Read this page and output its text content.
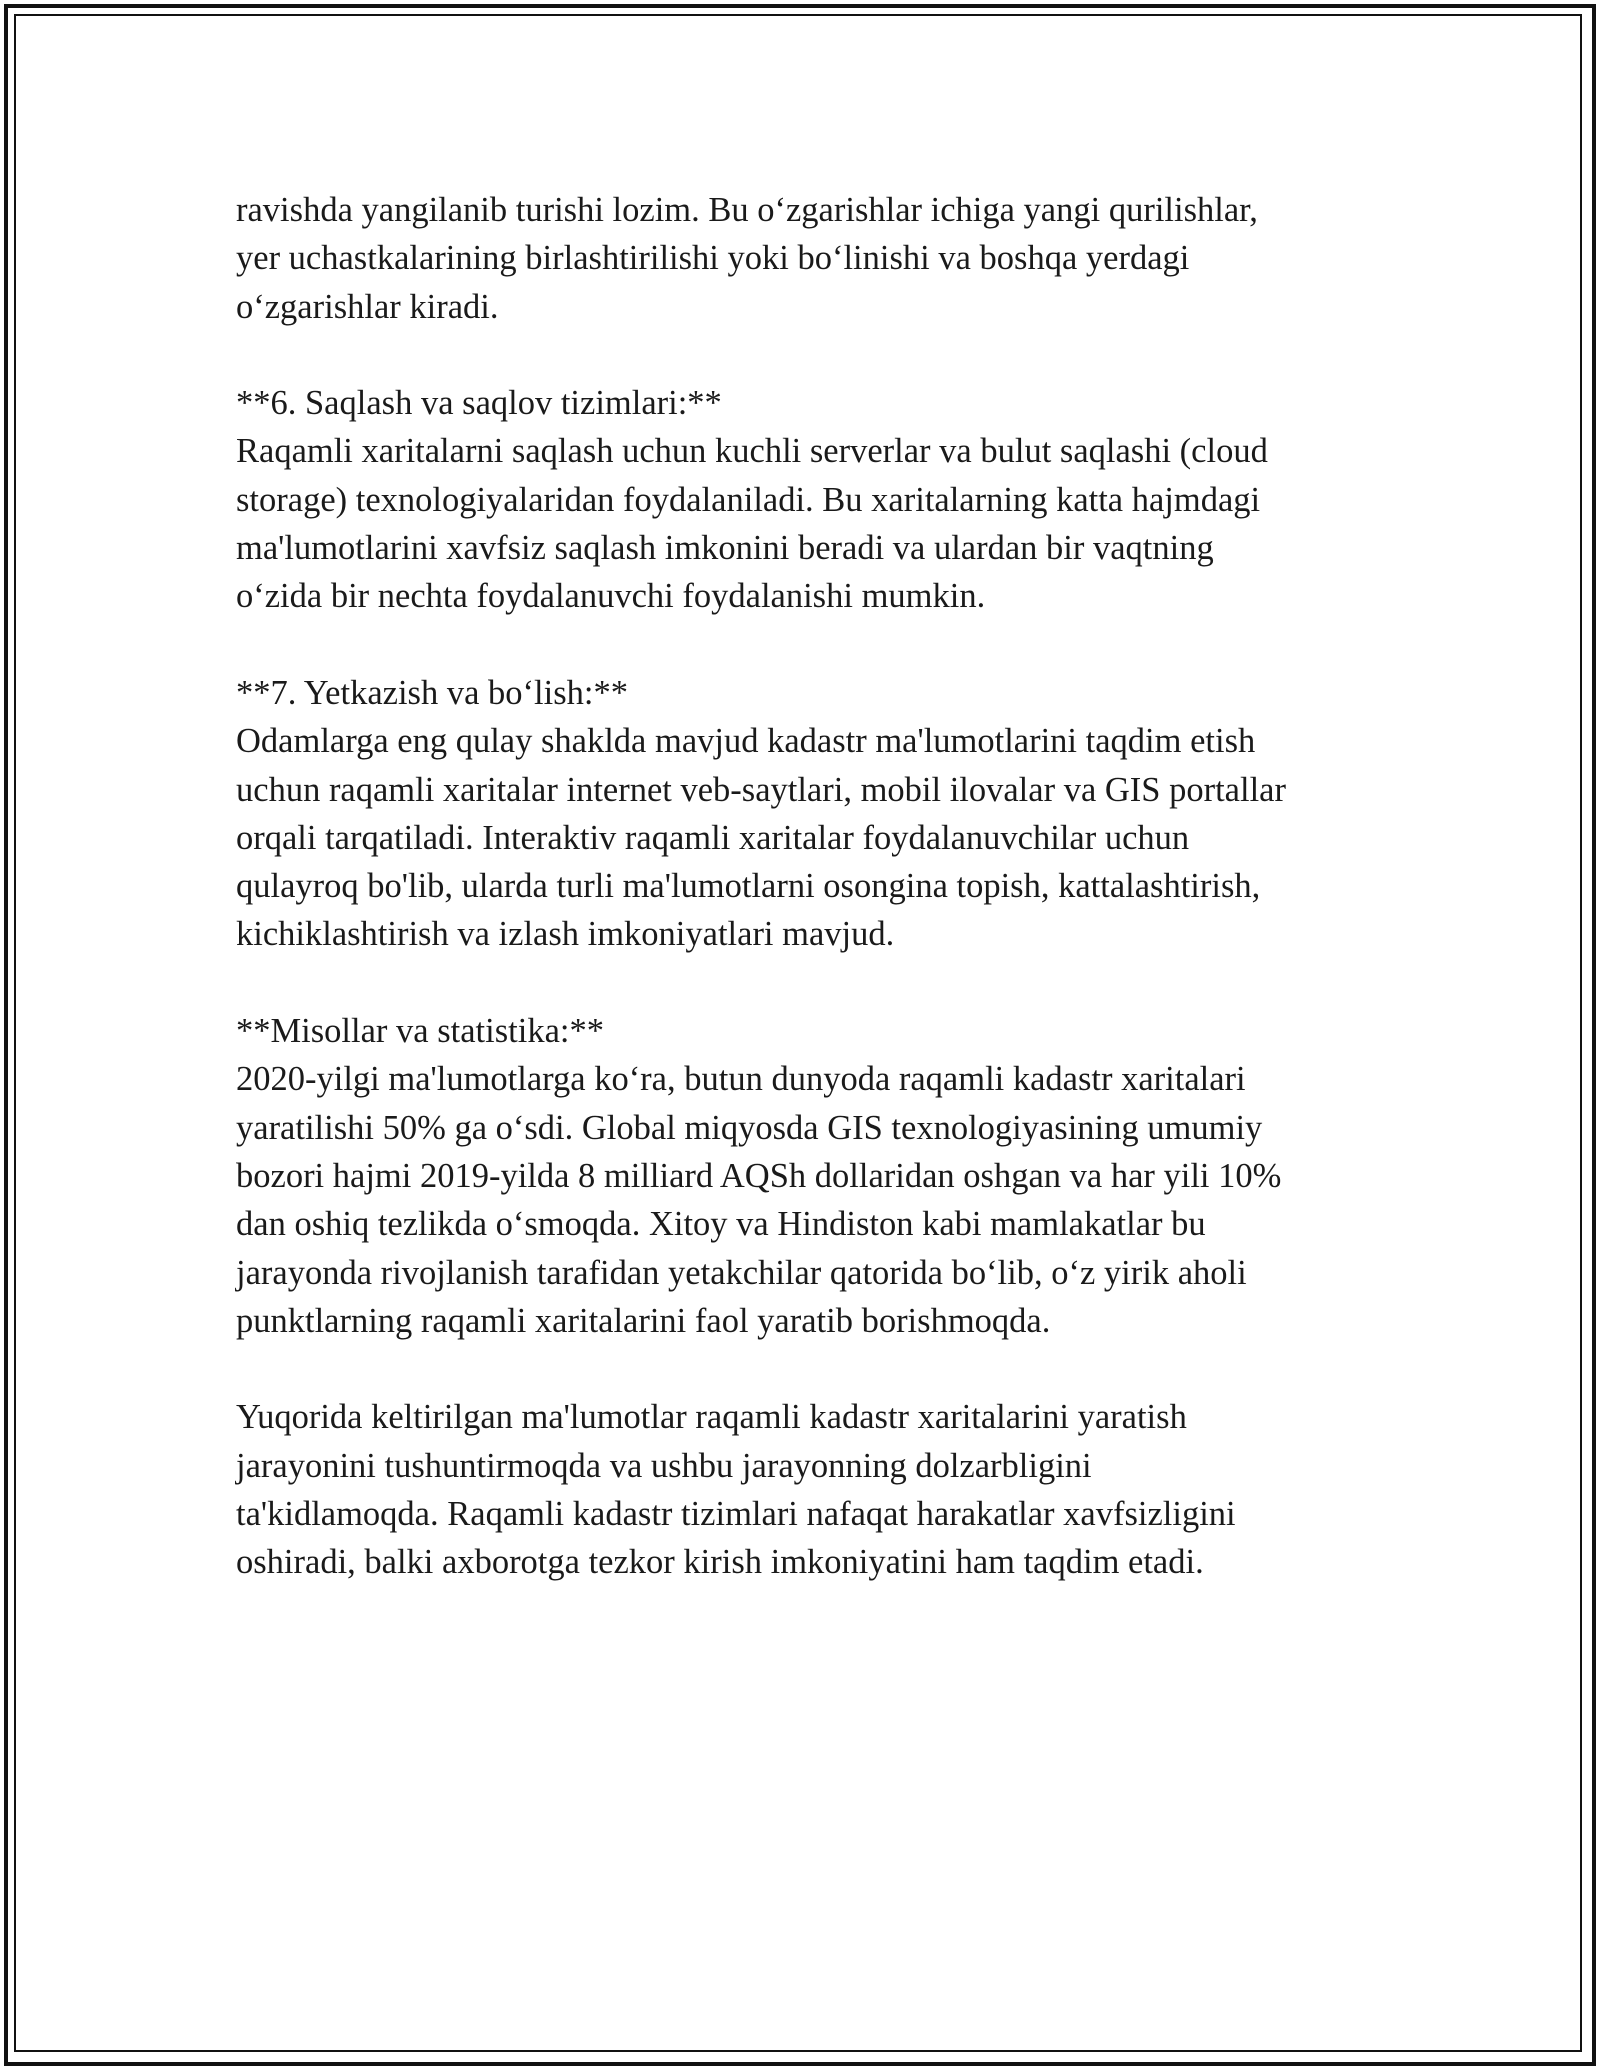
ravishda yangilanib turishi lozim. Bu o‘zgarishlar ichiga yangi qurilishlar,
yer uchastkalarining birlashtirilishi yoki bo‘linishi va boshqa yerdagi
o‘zgarishlar kiradi.
**6. Saqlash va saqlov tizimlari:**
Raqamli xaritalarni saqlash uchun kuchli serverlar va bulut saqlashi (cloud
storage) texnologiyalaridan foydalaniladi. Bu xaritalarning katta hajmdagi
ma'lumotlarini xavfsiz saqlash imkonini beradi va ulardan bir vaqtning
o‘zida bir nechta foydalanuvchi foydalanishi mumkin.
**7. Yetkazish va bo‘lish:**
Odamlarga eng qulay shaklda mavjud kadastr ma'lumotlarini taqdim etish
uchun raqamli xaritalar internet veb-saytlari, mobil ilovalar va GIS portallar
orqali tarqatiladi. Interaktiv raqamli xaritalar foydalanuvchilar uchun
qulayroq bo'lib, ularda turli ma'lumotlarni osongina topish, kattalashtirish,
kichiklashtirish va izlash imkoniyatlari mavjud.
**Misollar va statistika:**
2020-yilgi ma'lumotlarga ko‘ra, butun dunyoda raqamli kadastr xaritalari
yaratilishi 50% ga o‘sdi. Global miqyosda GIS texnologiyasining umumiy
bozori hajmi 2019-yilda 8 milliard AQSh dollaridan oshgan va har yili 10%
dan oshiq tezlikda o‘smoqda. Xitoy va Hindiston kabi mamlakatlar bu
jarayonda rivojlanish tarafidan yetakchilar qatorida bo‘lib, o‘z yirik aholi
punktlarning raqamli xaritalarini faol yaratib borishmoqda.
Yuqorida keltirilgan ma'lumotlar raqamli kadastr xaritalarini yaratish
jarayonini tushuntirmoqda va ushbu jarayonning dolzarbligini
ta'kidlamoqda. Raqamli kadastr tizimlari nafaqat harakatlar xavfsizligini
oshiradi, balki axborotga tezkor kirish imkoniyatini ham taqdim etadi.
